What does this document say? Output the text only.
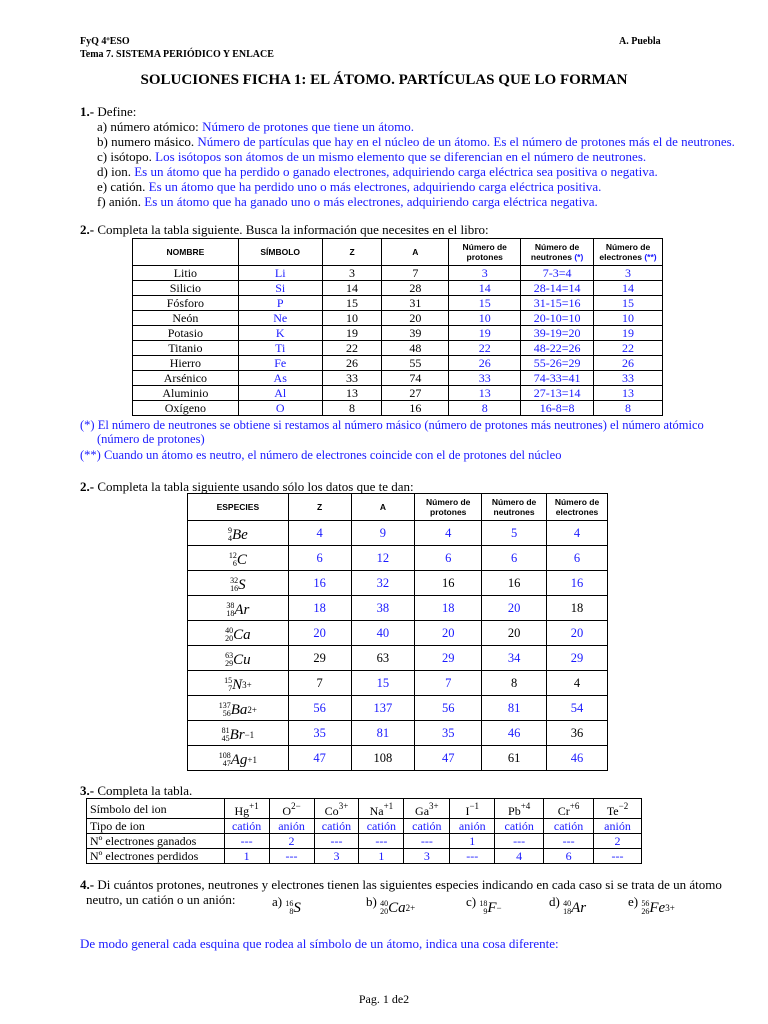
FyQ 4ºESO
Tema 7. SISTEMA PERIÓDICO Y ENLACE
A. Puebla
SOLUCIONES FICHA 1: EL ÁTOMO. PARTÍCULAS QUE LO FORMAN
1.- Define:
a) número atómico: Número de protones que tiene un átomo.
b) numero másico. Número de partículas que hay en el núcleo de un átomo. Es el número de protones más el de neutrones.
c) isótopo. Los isótopos son átomos de un mismo elemento que se diferencian en el número de neutrones.
d) ion. Es un átomo que ha perdido o ganado electrones, adquiriendo carga eléctrica sea positiva o negativa.
e) catión. Es un átomo que ha perdido uno o más electrones, adquiriendo carga eléctrica positiva.
f) anión. Es un átomo que ha ganado uno o más electrones, adquiriendo carga eléctrica negativa.
2.- Completa la tabla siguiente. Busca la información que necesites en el libro:
NOMBRE	SÍMBOLO	Z	A	Número de protones	Número de neutrones (*)	Número de electrones (**)
Litio	Li	3	7	3	7-3=4	3
Silicio	Si	14	28	14	28-14=14	14
Fósforo	P	15	31	15	31-15=16	15
Neón	Ne	10	20	10	20-10=10	10
Potasio	K	19	39	19	39-19=20	19
Titanio	Ti	22	48	22	48-22=26	22
Hierro	Fe	26	55	26	55-26=29	26
Arsénico	As	33	74	33	74-33=41	33
Aluminio	Al	13	27	13	27-13=14	13
Oxígeno	O	8	16	8	16-8=8	8
(*) El número de neutrones se obtiene si restamos al número másico (número de protones más neutrones) el número atómico
(número de protones)
(**) Cuando un átomo es neutro, el número de electrones coincide con el de protones del núcleo
2.- Completa la tabla siguiente usando sólo los datos que te dan:
ESPECIES	Z	A	Número de protones	Número de neutrones	Número de electrones

9
4 Be	4	9	4	5	4

12
6 C	6	12	6	6	6

32
16 S	16	32	16	16	16

38
18 Ar	18	38	18	20	18

40
20 Ca	20	40	20	20	20

63
29 Cu	29	63	29	34	29

15
7 N 3+	7	15	7	8	4

137
56 Ba 2+	56	137	56	81	54

81
45 Br −1	35	81	35	46	36

108
47 Ag +1	47	108	47	61	46
3.- Completa la tabla.
Símbolo del ion	$Hg^{+1}$	$O^{2-}$	$Co^{3+}$	$Na^{+1}$	$Ga^{3+}$	$I^{-1}$	$Pb^{+4}$	$Cr^{+6}$	$Te^{-2}$
Tipo de ion	catión	anión	catión	catión	catión	anión	catión	catión	anión
Nº electrones ganados	---	2	---	---	---	1	---	---	2
Nº electrones perdidos	1	---	3	1	3	---	4	6	---
4.- Di cuántos protones, neutrones y electrones tienen las siguientes especies indicando en cada caso si se trata de un átomo
neutro, un catión o un anión:	a) 16
8 S	b) 40
20 Ca 2+	c) 18
9 F −	d) 40
18 Ar	e) 56
26 Fe 3+
De modo general cada esquina que rodea al símbolo de un átomo, indica una cosa diferente:
Pag. 1 de2
